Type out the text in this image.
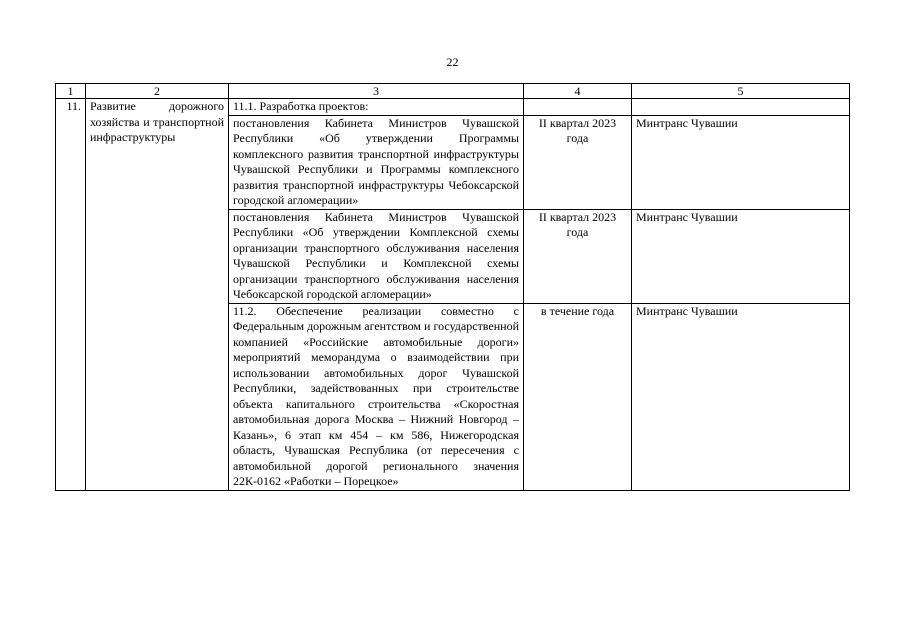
22
1	2	3	4	5
11.	Развитие дорожного хозяйства и транспортной инфраструктуры	11.1. Разработка проектов:		
		постановления Кабинета Министров Чувашской Республики «Об утверждении Программы комплексного развития транспортной инфраструктуры Чувашской Республики и Программы комплексного развития транспортной инфраструктуры Чебоксарской городской агломерации»	II квартал 2023 года	Минтранс Чувашии
		постановления Кабинета Министров Чувашской Республики «Об утверждении Комплексной схемы организации транспортного обслуживания населения Чувашской Республики и Комплексной схемы организации транспортного обслуживания населения Чебоксарской городской агломерации»	II квартал 2023 года	Минтранс Чувашии
		11.2. Обеспечение реализации совместно с Федеральным дорожным агентством и государственной компанией «Российские автомобильные дороги» мероприятий меморандума о взаимодействии при использовании автомобильных дорог Чувашской Республики, задействованных при строительстве объекта капитального строительства «Скоростная автомобильная дорога Москва – Нижний Новгород – Казань», 6 этап км 454 – км 586, Нижегородская область, Чувашская Республика (от пересечения с автомобильной дорогой регионального значения 22К-0162 «Работки – Порецкое»	в течение года	Минтранс Чувашии
